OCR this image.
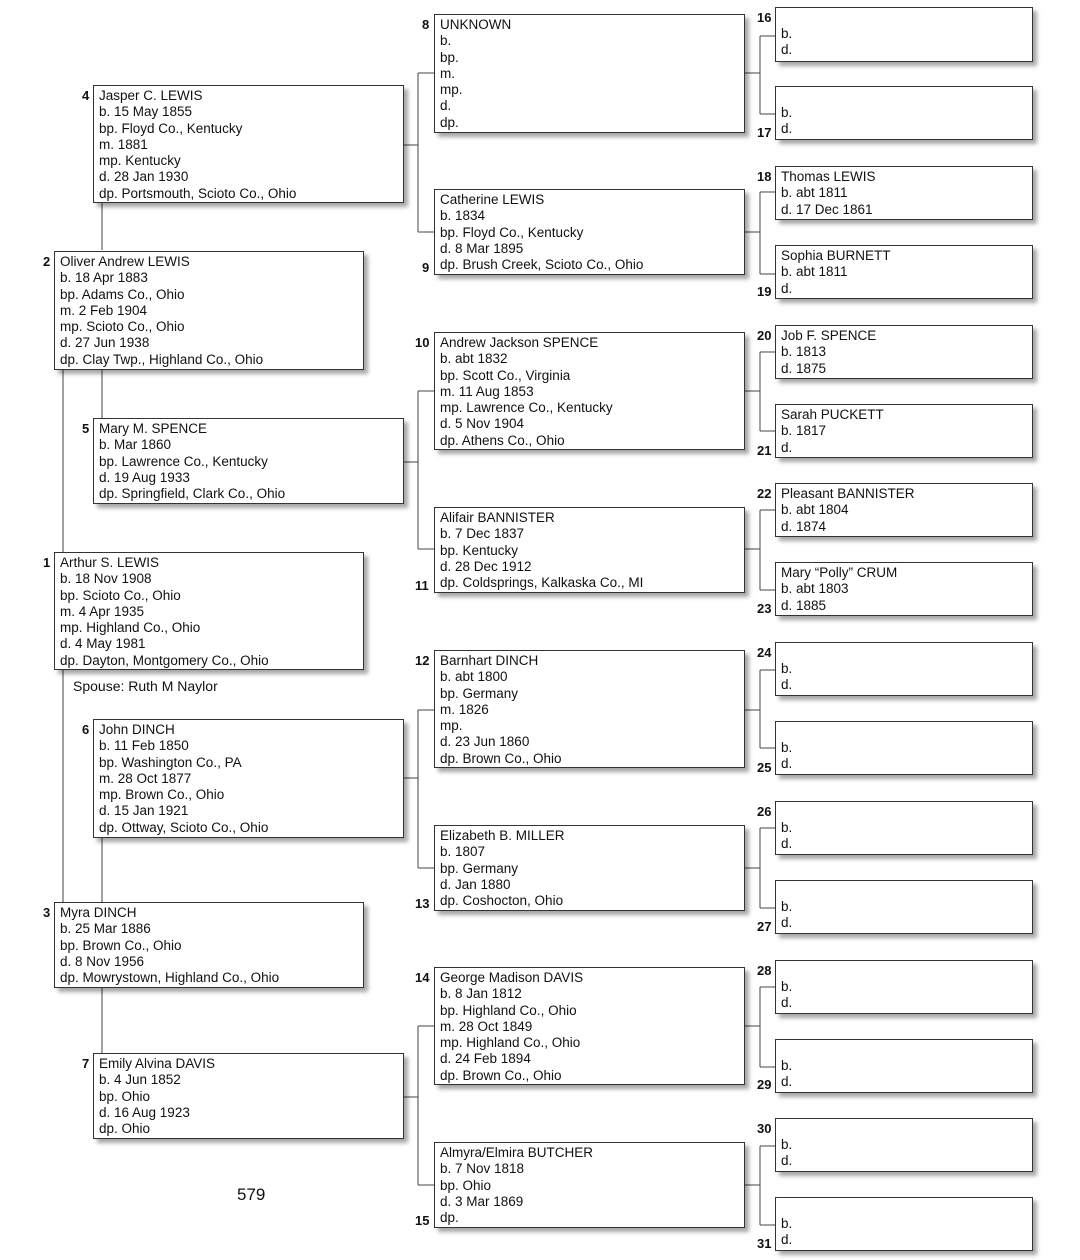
1 Arthur S. LEWIS
b. 18 Nov 1908
bp. Scioto Co., Ohio
m. 4 Apr 1935
mp. Highland Co., Ohio
d. 4 May 1981
dp. Dayton, Montgomery Co., Ohio
Spouse: Ruth M Naylor
2 Oliver Andrew LEWIS
b. 18 Apr 1883
bp. Adams Co., Ohio
m. 2 Feb 1904
mp. Scioto Co., Ohio
d. 27 Jun 1938
dp. Clay Twp., Highland Co., Ohio
3 Myra DINCH
b. 25 Mar 1886
bp. Brown Co., Ohio
d. 8 Nov 1956
dp. Mowrystown, Highland Co., Ohio
4 Jasper C. LEWIS
b. 15 May 1855
bp. Floyd Co., Kentucky
m. 1881
mp. Kentucky
d. 28 Jan 1930
dp. Portsmouth, Scioto Co., Ohio
5 Mary M. SPENCE
b. Mar 1860
bp. Lawrence Co., Kentucky
d. 19 Aug 1933
dp. Springfield, Clark Co., Ohio
6 John DINCH
b. 11 Feb 1850
bp. Washington Co., PA
m. 28 Oct 1877
mp. Brown Co., Ohio
d. 15 Jan 1921
dp. Ottway, Scioto Co., Ohio
7 Emily Alvina DAVIS
b. 4 Jun 1852
bp. Ohio
d. 16 Aug 1923
dp. Ohio
8 UNKNOWN
b.
bp.
m.
mp.
d.
dp.
9
Catherine LEWIS
b. 1834
bp. Floyd Co., Kentucky
d. 8 Mar 1895
dp. Brush Creek, Scioto Co., Ohio
10 Andrew Jackson SPENCE
b. abt 1832
bp. Scott Co., Virginia
m. 11 Aug 1853
mp. Lawrence Co., Kentucky
d. 5 Nov 1904
dp. Athens Co., Ohio
11
Alifair BANNISTER
b. 7 Dec 1837
bp. Kentucky
d. 28 Dec 1912
dp. Coldsprings, Kalkaska Co., MI
12 Barnhart DINCH
b. abt 1800
bp. Germany
m. 1826
mp.
d. 23 Jun 1860
dp. Brown Co., Ohio
13
Elizabeth B. MILLER
b. 1807
bp. Germany
d. Jan 1880
dp. Coshocton, Ohio
14 George Madison DAVIS
b. 8 Jan 1812
bp. Highland Co., Ohio
m. 28 Oct 1849
mp. Highland Co., Ohio
d. 24 Feb 1894
dp. Brown Co., Ohio
15
Almyra/Elmira BUTCHER
b. 7 Nov 1818
bp. Ohio
d. 3 Mar 1869
dp.
16
b.
d.
17
b.
d.
18 Thomas LEWIS
b. abt 1811
d. 17 Dec 1861
19
Sophia BURNETT
b. abt 1811
d.
20 Job F. SPENCE
b. 1813
d. 1875
21
Sarah PUCKETT
b. 1817
d.
22 Pleasant BANNISTER
b. abt 1804
d. 1874
23
Mary “Polly” CRUM
b. abt 1803
d. 1885
24
b.
d.
25
b.
d.
26
b.
d.
27
b.
d.
28
b.
d.
29
b.
d.
30
b.
d.
31
b.
d.
579
